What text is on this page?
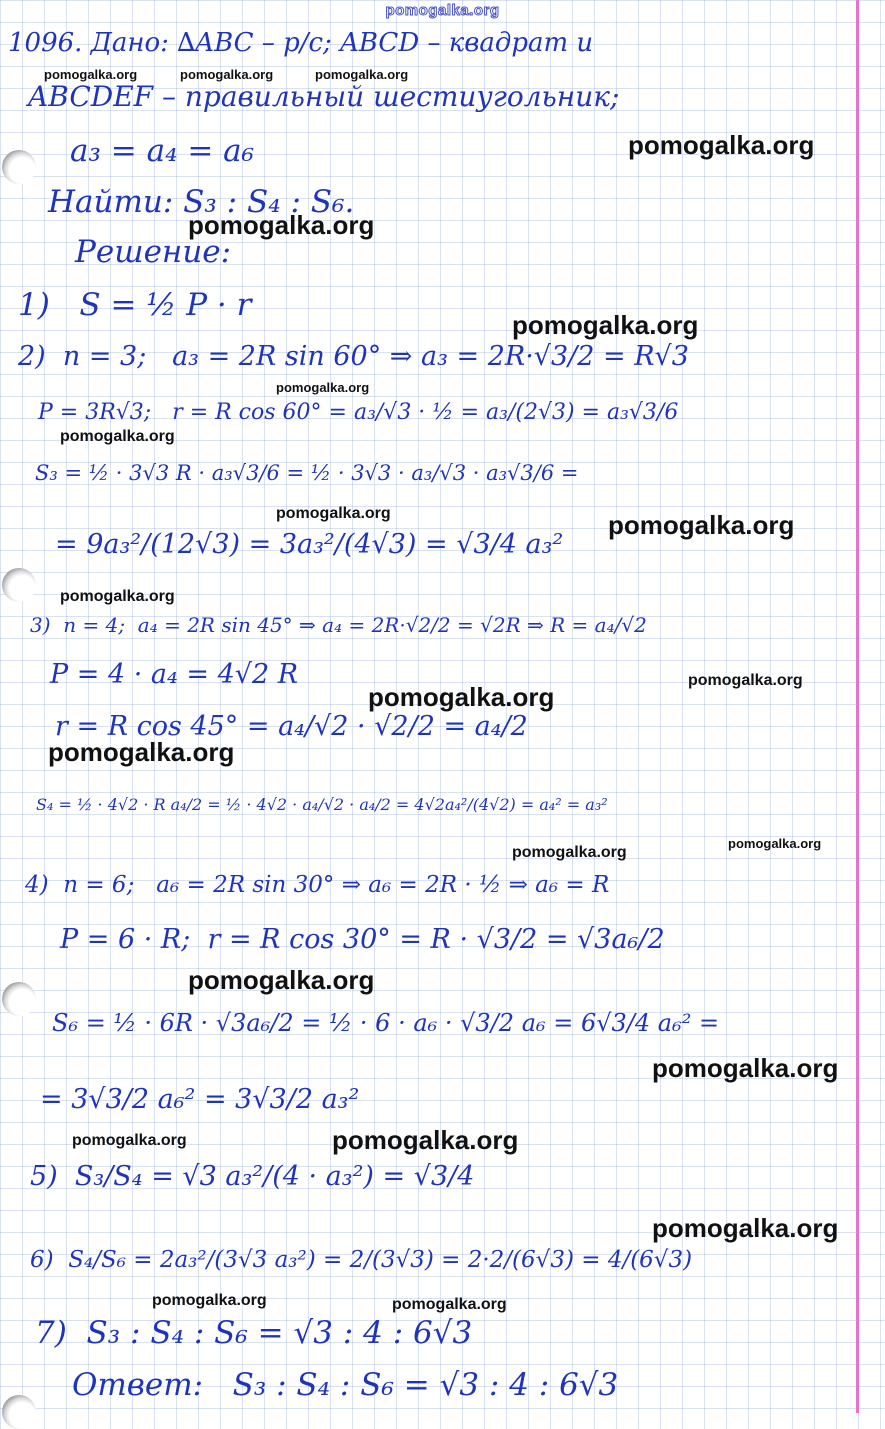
pomogalka.org
1096. Дано: ∆ABC – р/с; ABCD – квадрат и
ABCDEF – правильный шестиугольник;
a₃ = a₄ = a₆
Найти: S₃ : S₄ : S₆.
Решение:
1)   S = ½ P · r
2)  n = 3;   a₃ = 2R sin 60° ⇒ a₃ = 2R·√3/2 = R√3
P = 3R√3;   r = R cos 60° = a₃/√3 · ½ = a₃/(2√3) = a₃√3/6
S₃ = ½ · 3√3 R · a₃√3/6 = ½ · 3√3 · a₃/√3 · a₃√3/6 =
= 9a₃²/(12√3) = 3a₃²/(4√3) = √3/4 a₃²
3)  n = 4;  a₄ = 2R sin 45° ⇒ a₄ = 2R·√2/2 = √2R ⇒ R = a₄/√2
P = 4 · a₄ = 4√2 R
r = R cos 45° = a₄/√2 · √2/2 = a₄/2
S₄ = ½ · 4√2 · R a₄/2 = ½ · 4√2 · a₄/√2 · a₄/2 = 4√2a₄²/(4√2) = a₄² = a₃²
4)  n = 6;   a₆ = 2R sin 30° ⇒ a₆ = 2R · ½ ⇒ a₆ = R
P = 6 · R;  r = R cos 30° = R · √3/2 = √3a₆/2
S₆ = ½ · 6R · √3a₆/2 = ½ · 6 · a₆ · √3/2 a₆ = 6√3/4 a₆² =
= 3√3/2 a₆² = 3√3/2 a₃²
5)  S₃/S₄ = √3 a₃²/(4 · a₃²) = √3/4
6)  S₄/S₆ = 2a₃²/(3√3 a₃²) = 2/(3√3) = 2·2/(6√3) = 4/(6√3)
7)  S₃ : S₄ : S₆ = √3 : 4 : 6√3
Ответ:   S₃ : S₄ : S₆ = √3 : 4 : 6√3
pomogalka.org	pomogalka.org	pomogalka.org
pomogalka.org
pomogalka.org
pomogalka.org
pomogalka.org
pomogalka.org
pomogalka.org	pomogalka.org
pomogalka.org
pomogalka.org
pomogalka.org
pomogalka.org
pomogalka.org
pomogalka.org
pomogalka.org
pomogalka.org
pomogalka.org	pomogalka.org
pomogalka.org
pomogalka.org	pomogalka.org
